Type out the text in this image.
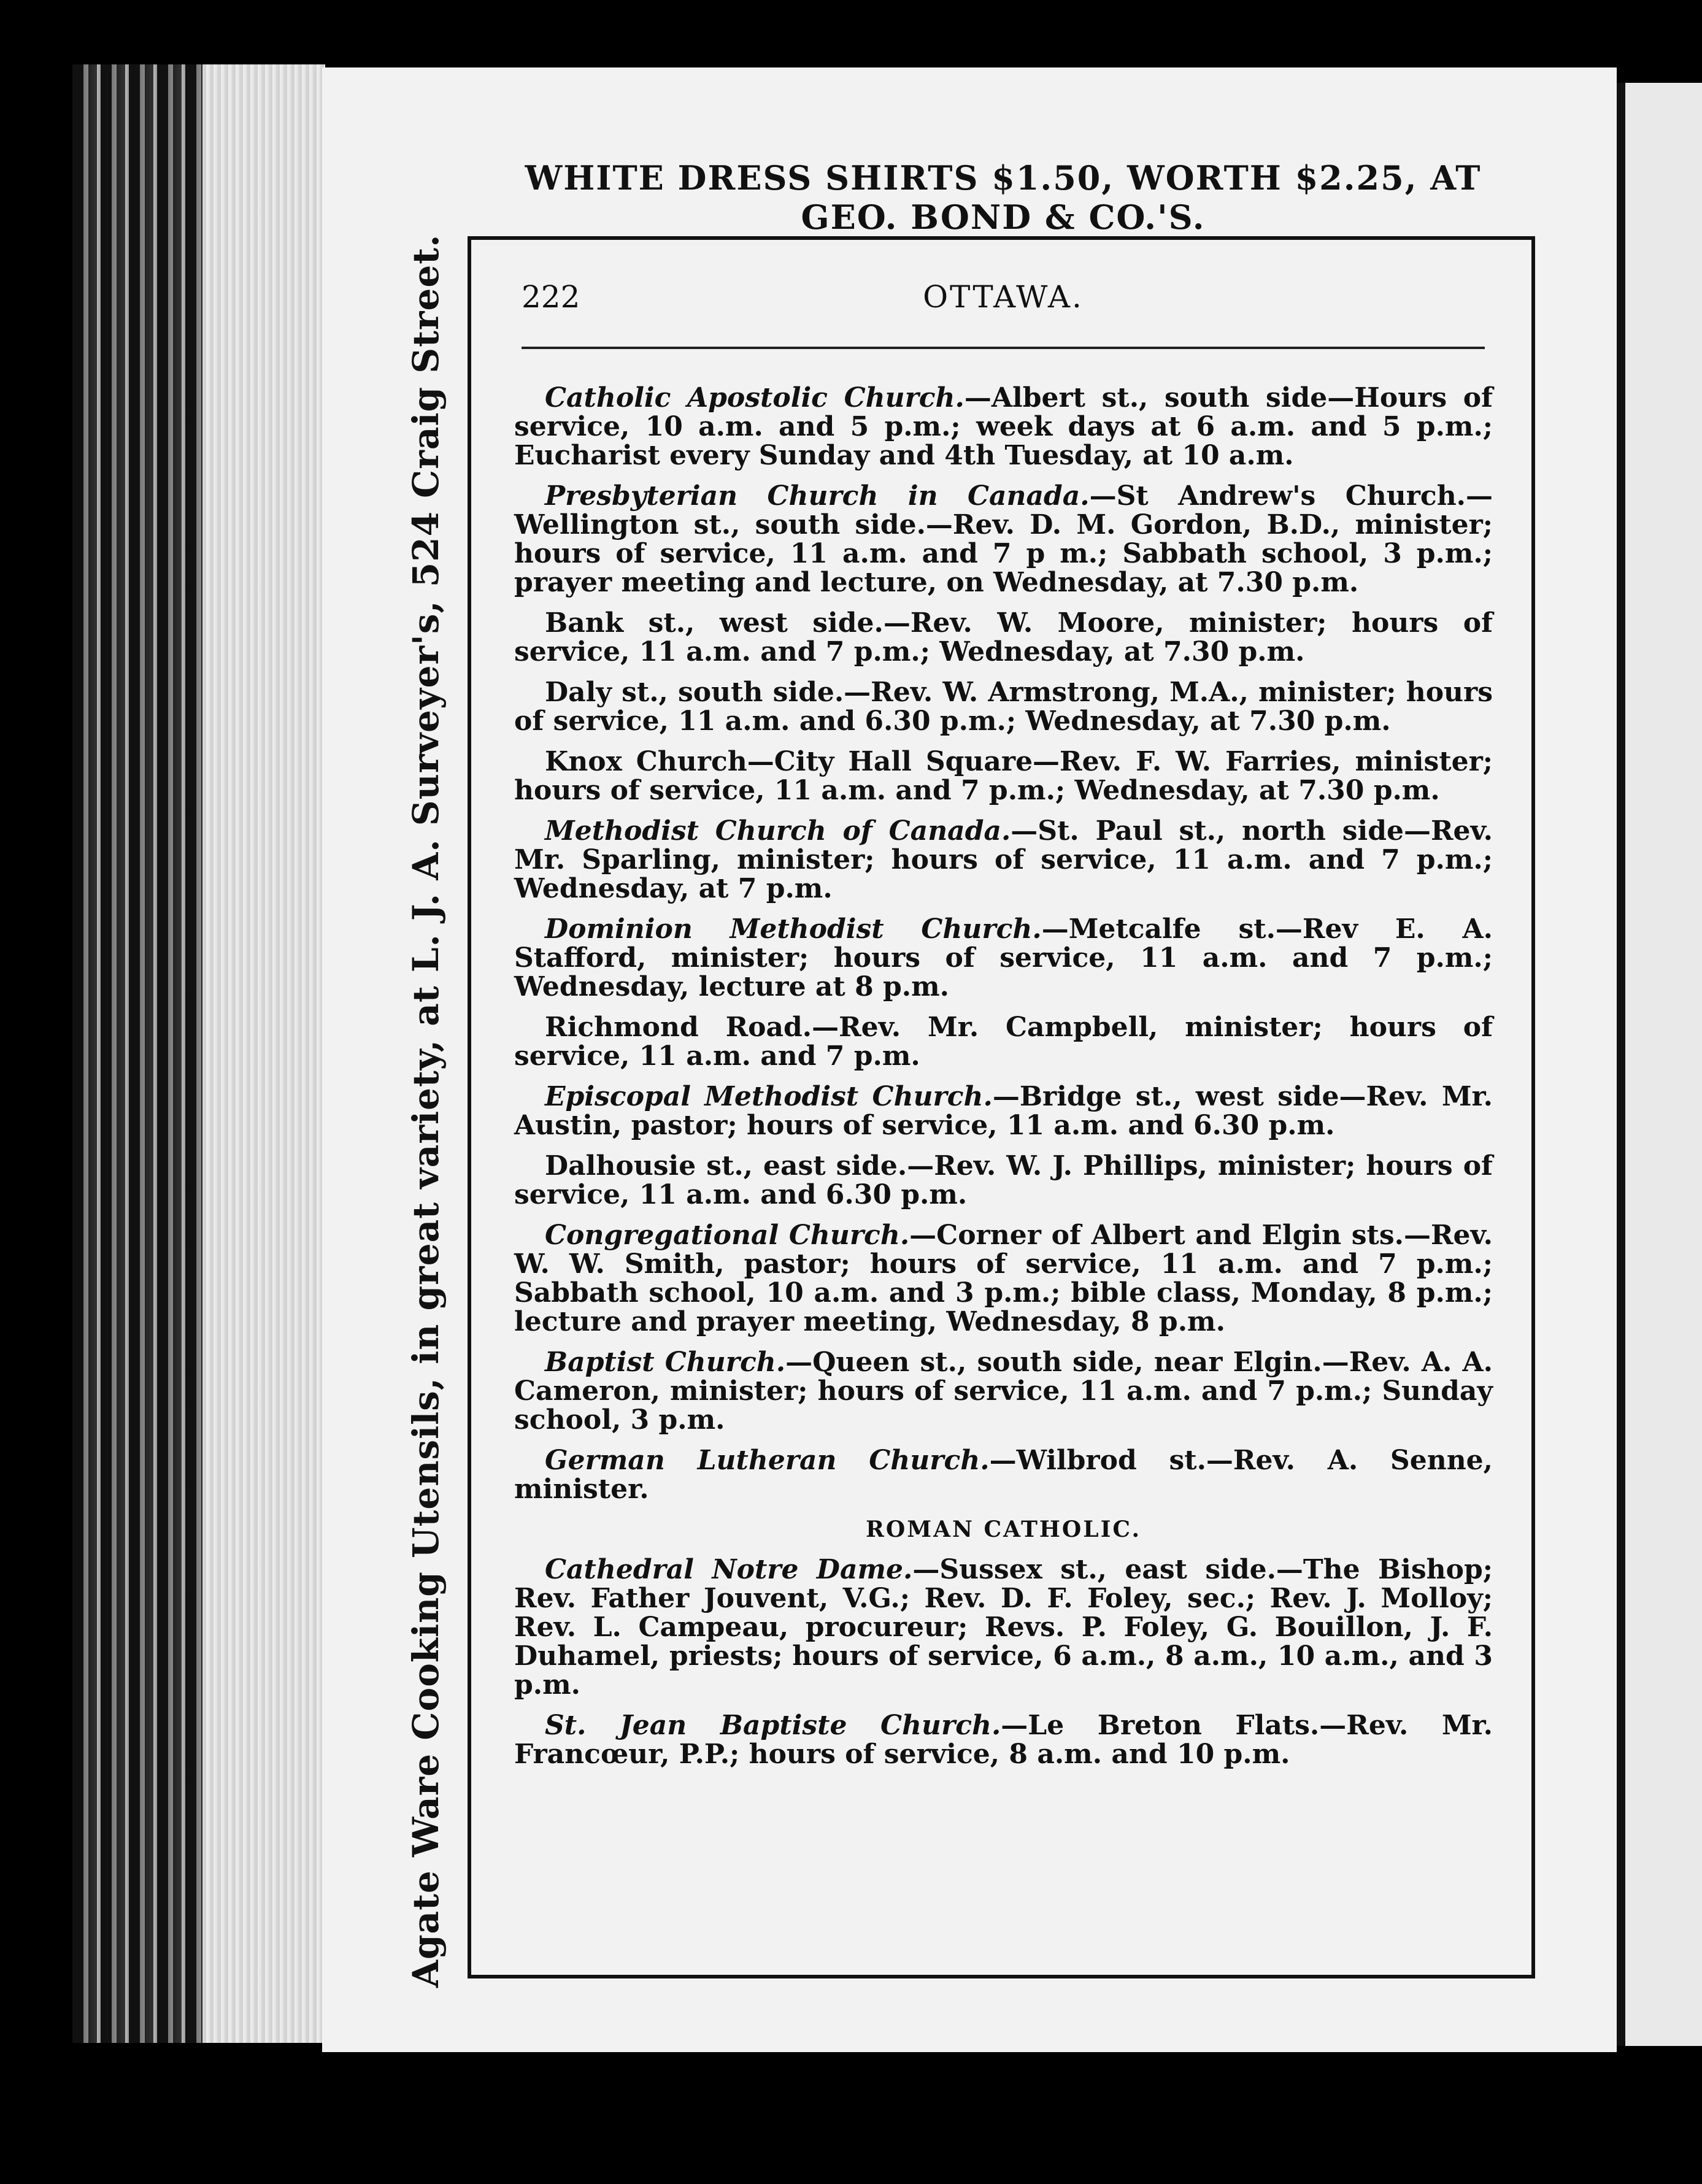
WHITE DRESS SHIRTS $1.50, WORTH $2.25, AT
GEO. BOND & CO.'S.
Agate Ware Cooking Utensils, in great variety, at L. J. A. Surveyer's, 524 Craig Street. 222	OTTAWA.

Catholic Apostolic Church.—Albert st., south side—Hours of service, 10 a.m. and 5 p.m.; week days at 6 a.m. and 5 p.m.; Eucharist every Sunday and 4th Tuesday, at 10 a.m.

Presbyterian Church in Canada.—St Andrew's Church.—Wellington st., south side.—Rev. D. M. Gordon, B.D., minister; hours of service, 11 a.m. and 7 p m.; Sabbath school, 3 p.m.; prayer meeting and lecture, on Wednesday, at 7.30 p.m.

Bank st., west side.—Rev. W. Moore, minister; hours of service, 11 a.m. and 7 p.m.; Wednesday, at 7.30 p.m.

Daly st., south side.—Rev. W. Armstrong, M.A., minister; hours of service, 11 a.m. and 6.30 p.m.; Wednesday, at 7.30 p.m.

Knox Church—City Hall Square—Rev. F. W. Farries, minister; hours of service, 11 a.m. and 7 p.m.; Wednesday, at 7.30 p.m.

Methodist Church of Canada.—St. Paul st., north side—Rev. Mr. Sparling, minister; hours of service, 11 a.m. and 7 p.m.; Wednesday, at 7 p.m.

Dominion Methodist Church.—Metcalfe st.—Rev E. A. Stafford, minister; hours of service, 11 a.m. and 7 p.m.; Wednesday, lecture at 8 p.m.

Richmond Road.—Rev. Mr. Campbell, minister; hours of service, 11 a.m. and 7 p.m.

Episcopal Methodist Church.—Bridge st., west side—Rev. Mr. Austin, pastor; hours of service, 11 a.m. and 6.30 p.m.

Dalhousie st., east side.—Rev. W. J. Phillips, minister; hours of service, 11 a.m. and 6.30 p.m.

Congregational Church.—Corner of Albert and Elgin sts.—Rev. W. W. Smith, pastor; hours of service, 11 a.m. and 7 p.m.; Sabbath school, 10 a.m. and 3 p.m.; bible class, Monday, 8 p.m.; lecture and prayer meeting, Wednesday, 8 p.m.

Baptist Church.—Queen st., south side, near Elgin.—Rev. A. A. Cameron, minister; hours of service, 11 a.m. and 7 p.m.; Sunday school, 3 p.m.

German Lutheran Church.—Wilbrod st.—Rev. A. Senne, minister.

ROMAN CATHOLIC.

Cathedral Notre Dame.—Sussex st., east side.—The Bishop; Rev. Father Jouvent, V.G.; Rev. D. F. Foley, sec.; Rev. J. Molloy; Rev. L. Campeau, procureur; Revs. P. Foley, G. Bouillon, J. F. Duhamel, priests; hours of service, 6 a.m., 8 a.m., 10 a.m., and 3 p.m.

St. Jean Baptiste Church.—Le Breton Flats.—Rev. Mr. Francœur, P.P.; hours of service, 8 a.m. and 10 p.m.
